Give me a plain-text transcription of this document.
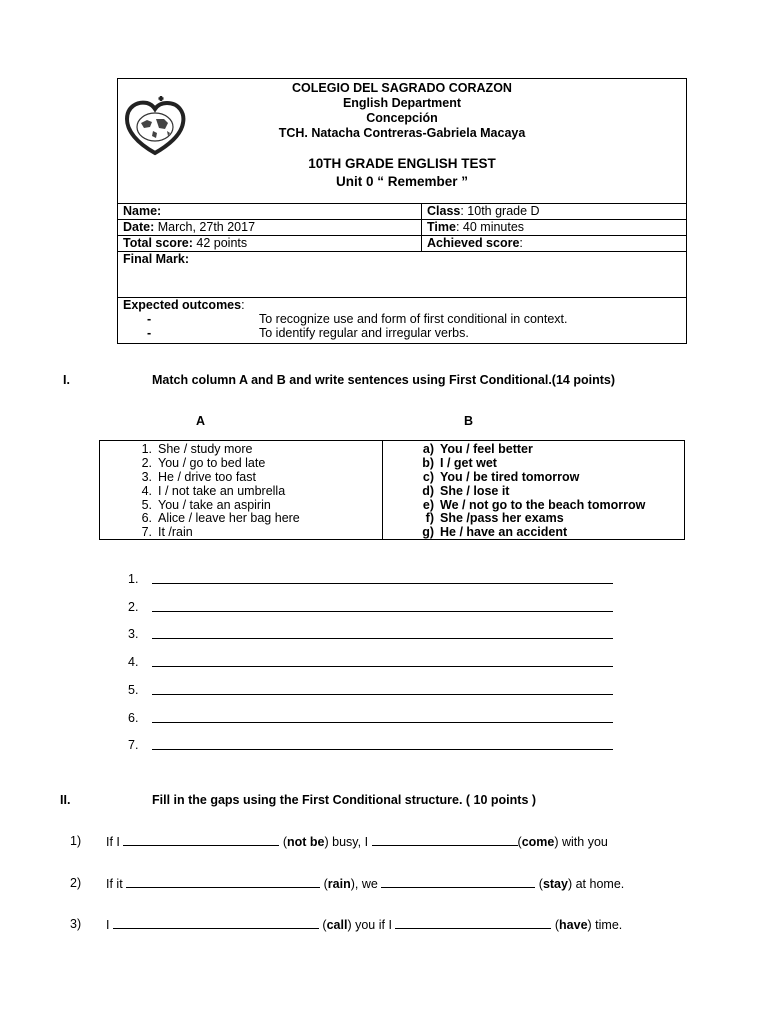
COLEGIO DEL SAGRADO CORAZON
English Department
Concepción
TCH. Natacha Contreras-Gabriela Macaya
10TH GRADE ENGLISH TEST
Unit 0 “ Remember ”
Name:	Class: 10th grade D
Date: March, 27th 2017	Time: 40 minutes
Total score: 42 points	Achieved score:
Final Mark:	
Expected outcomes:
-	To recognize use and form of first conditional in context.
-	To identify regular and irregular verbs.
I.	Match column A and B and write sentences using First Conditional.(14 points)
A	B
1. She / study more
2. You / go to bed late
3. He / drive too fast
4. I / not take an umbrella
5. You / take an aspirin
6. Alice / leave her bag here
7. It /rain
a) You / feel better
b) I / get wet
c) You / be tired tomorrow
d) She / lose it
e) We / not go to the beach tomorrow
f) She /pass her exams
g) He / have an accident
1.
2.
3.
4.
5.
6.
7.
II.	Fill in the gaps using the First Conditional structure. ( 10 points )
1) If I	(not be) busy, I	(come) with you
2) If it	(rain), we	(stay) at home.
3) I	(call) you if I	(have) time.
